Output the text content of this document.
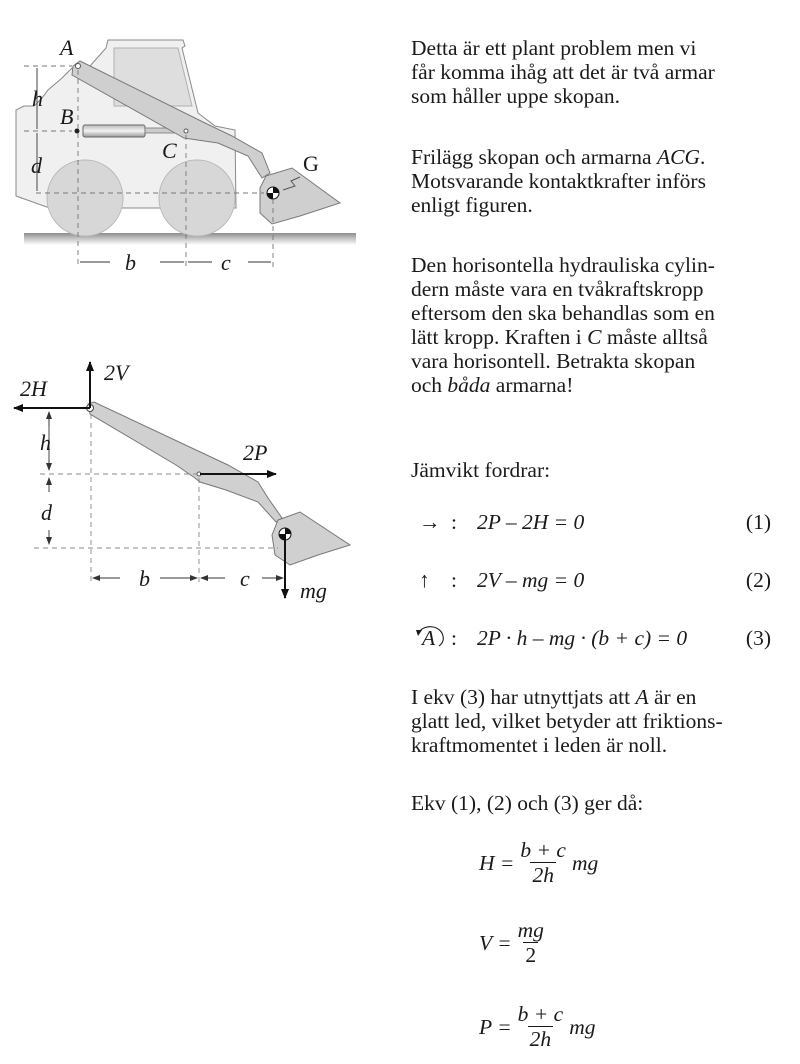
A
B
C
G
h
d
b	c
2H
2V
2P
mg
h
d
b	c

Detta är ett plant problem men vi
får komma ihåg att det är två armar
som håller uppe skopan.

Frilägg skopan och armarna ACG.
Motsvarande kontaktkrafter införs
enligt figuren.

Den horisontella hydrauliska cylin-
dern måste vara en tvåkraftskropp
eftersom den ska behandlas som en
lätt kropp. Kraften i C måste alltså
vara horisontell. Betrakta skopan
och båda armarna!

Jämvikt fordrar:

→ : 2P – 2H = 0	(1)
↑ : 2V – mg = 0	(2)
A : 2P · h – mg · (b + c) = 0	(3)

I ekv (3) har utnyttjats att A är en
glatt led, vilket betyder att friktions-
kraftmomentet i leden är noll.

Ekv (1), (2) och (3) ger då:

$H = \frac{b + c}{2h}$ mg
$V = \frac{mg}{2}$
$P = \frac{b + c}{2h}$ mg
